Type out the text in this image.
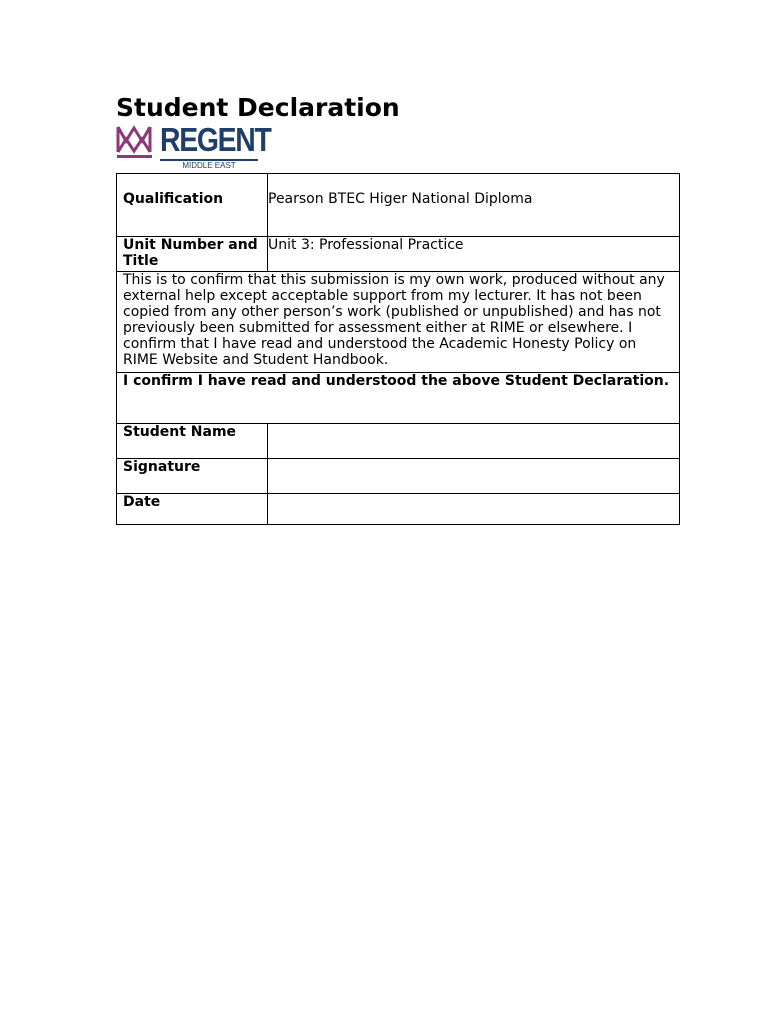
Student Declaration
REGENT
MIDDLE EAST
Qualification	Pearson BTEC Higer National Diploma
Unit Number and Title	Unit 3: Professional Practice
This is to confirm that this submission is my own work, produced without any external help except acceptable support from my lecturer. It has not been copied from any other person’s work (published or unpublished) and has not previously been submitted for assessment either at RIME or elsewhere. I confirm that I have read and understood the Academic Honesty Policy on RIME Website and Student Handbook.	
I confirm I have read and understood the above Student Declaration.	
Student Name	
Signature	
Date	
